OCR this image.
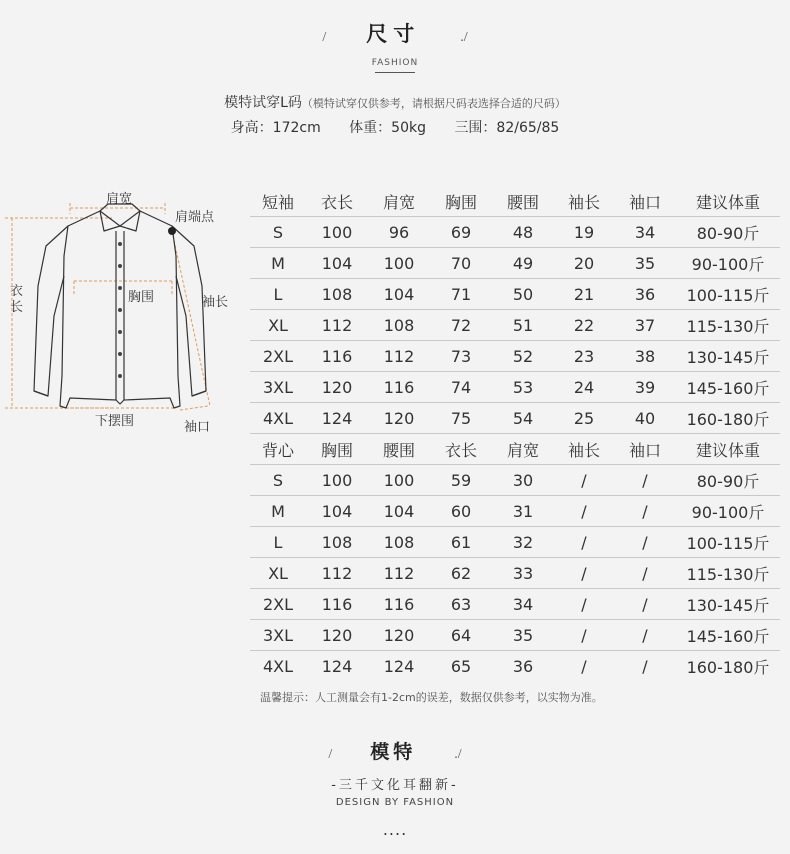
/ 尺寸	./
FASHION
模特试穿L码（模特试穿仅供参考，请根据尺码表选择合适的尺码）
身高：172cm 体重：50kg 三围：82/65/85
肩宽
肩端点
衣长
胸围	袖长
下摆围	袖口
短袖	衣长	肩宽	胸围	腰围	袖长	袖口	建议体重
S	100	96	69	48	19	34	80-90斤
M	104	100	70	49	20	35	90-100斤
L	108	104	71	50	21	36	100-115斤
XL	112	108	72	51	22	37	115-130斤
2XL	116	112	73	52	23	38	130-145斤
3XL	120	116	74	53	24	39	145-160斤
4XL	124	120	75	54	25	40	160-180斤
背心	胸围	腰围	衣长	肩宽	袖长	袖口	建议体重
S	100	100	59	30	/	/	80-90斤
M	104	104	60	31	/	/	90-100斤
L	108	108	61	32	/	/	100-115斤
XL	112	112	62	33	/	/	115-130斤
2XL	116	116	63	34	/	/	130-145斤
3XL	120	120	64	35	/	/	145-160斤
4XL	124	124	65	36	/	/	160-180斤
温馨提示：人工测量会有1-2cm的误差，数据仅供参考，以实物为准。
/ 模特	./
-三千文化耳翻新-
DESIGN BY FASHION
....
